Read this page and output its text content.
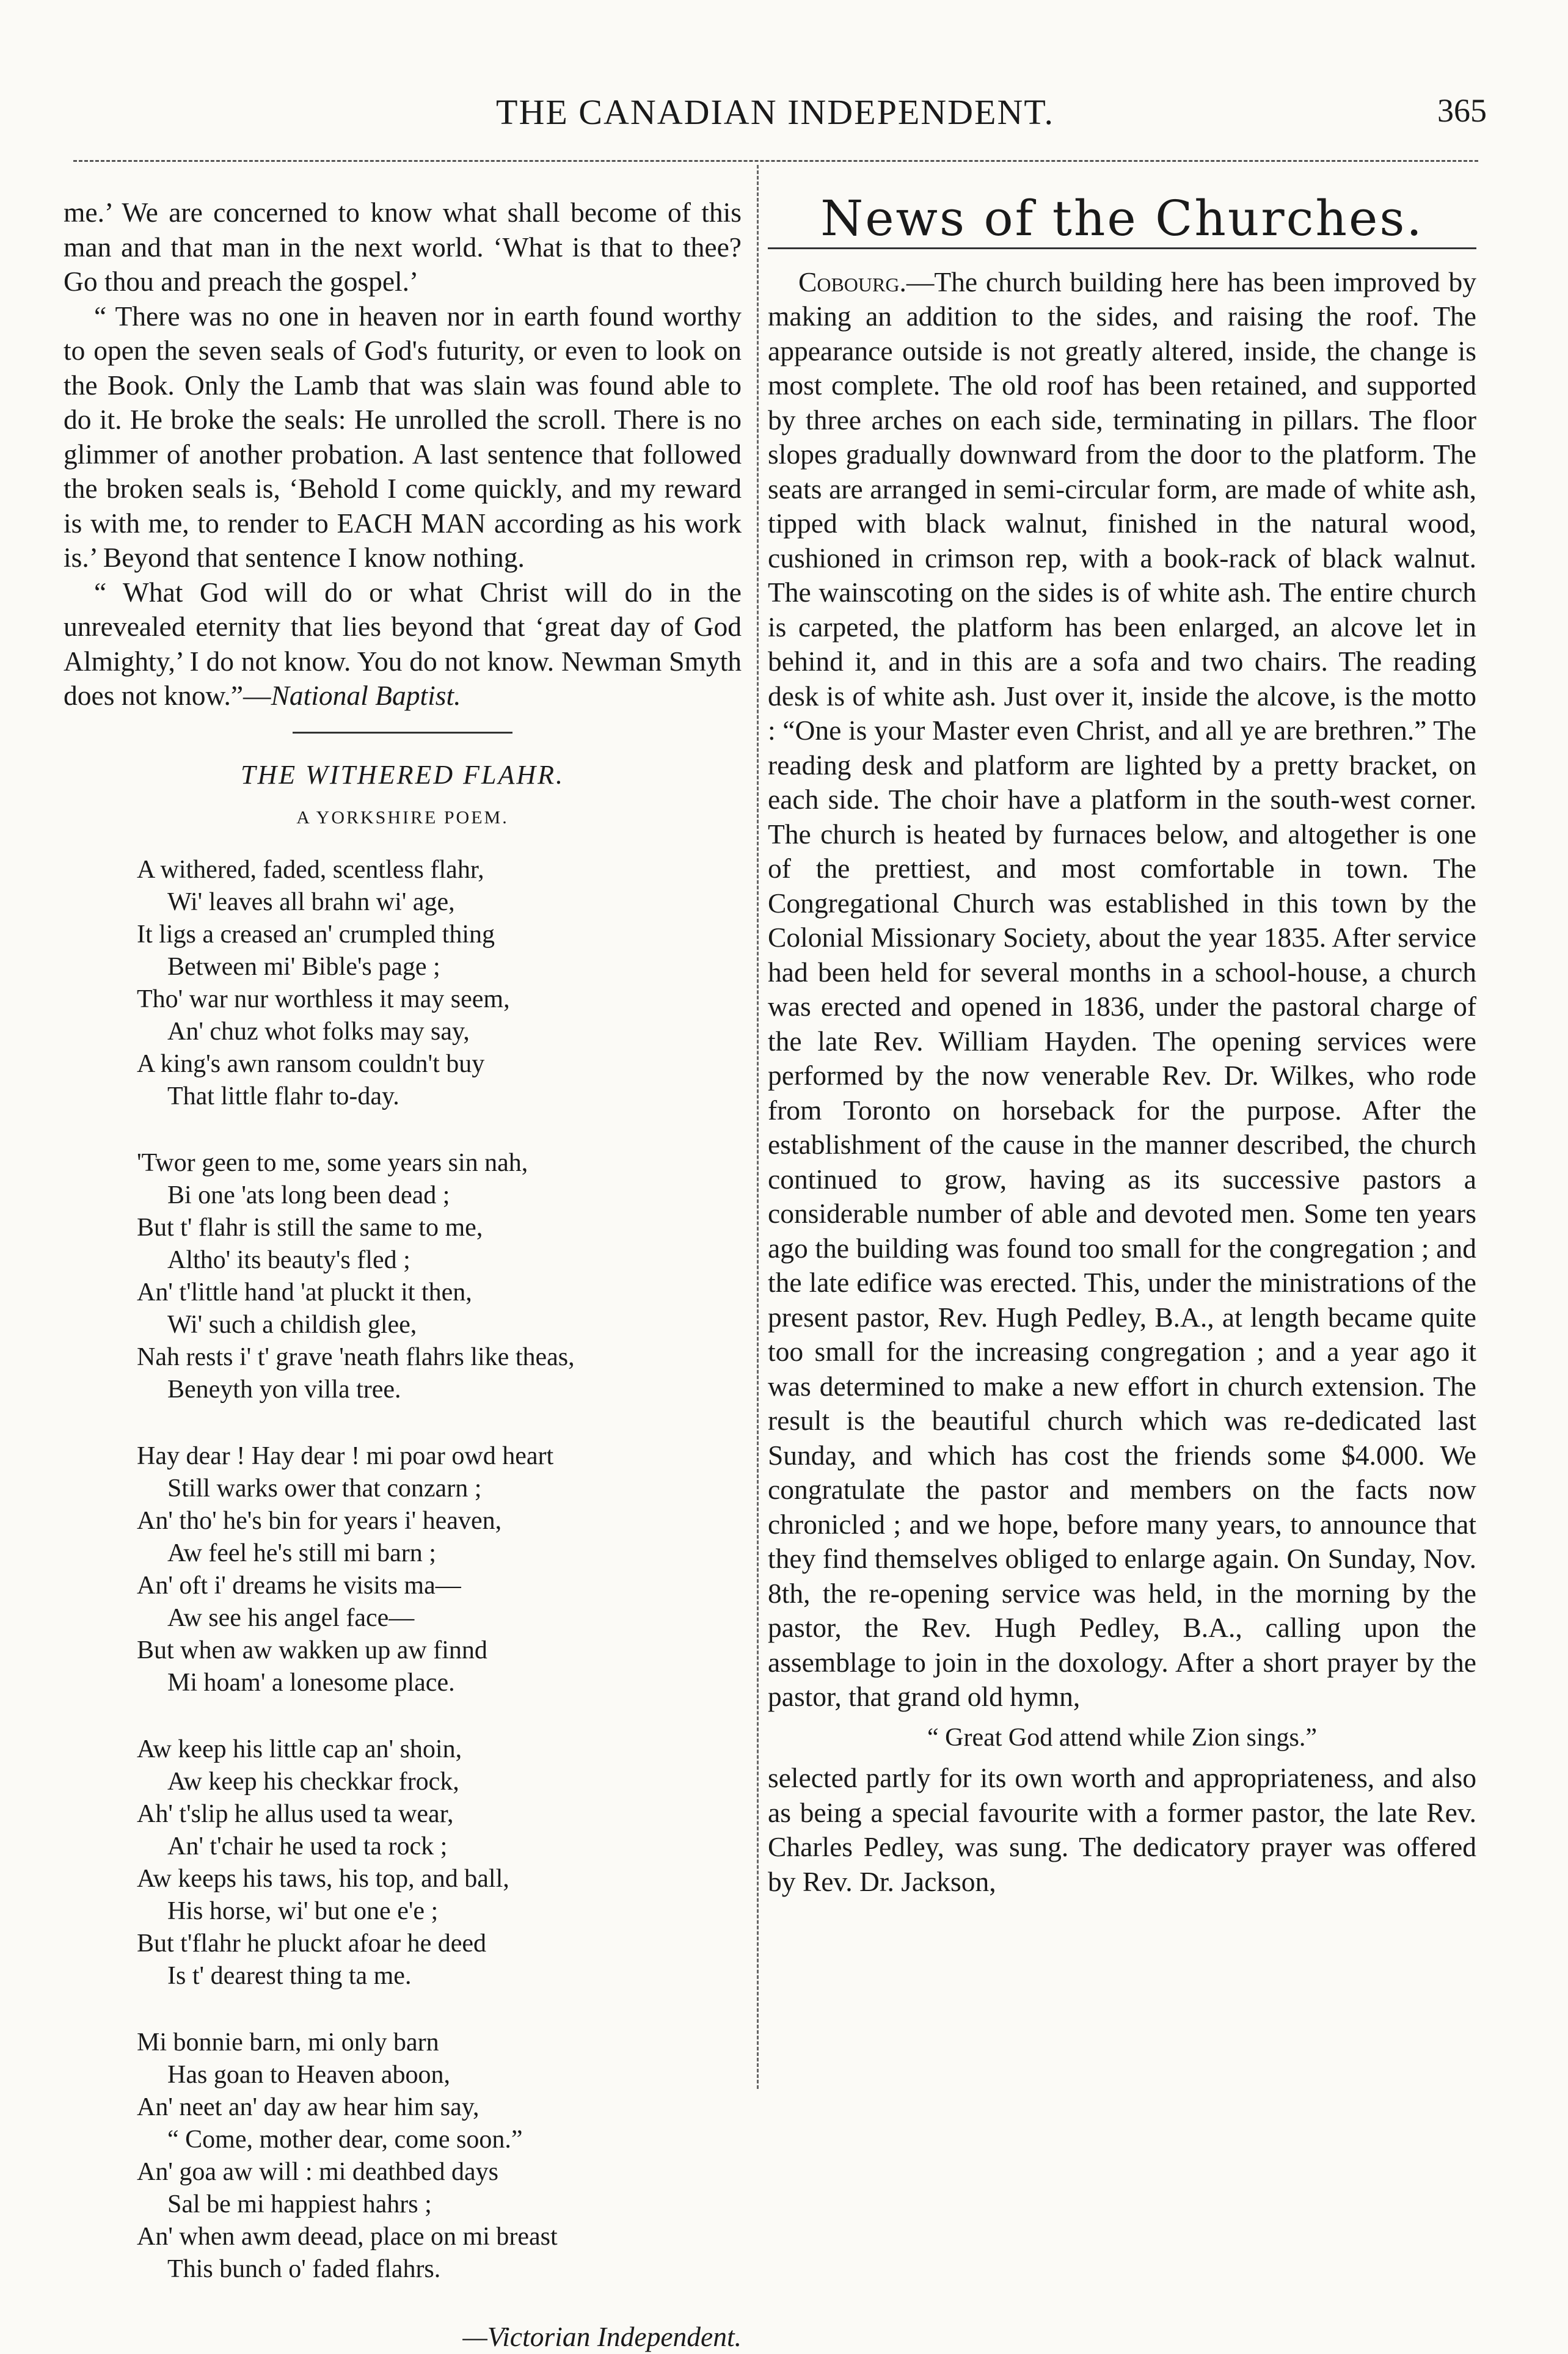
THE CANADIAN INDEPENDENT.	365

me.’ We are concerned to know what shall become of this man and that man in the next world. ‘What is that to thee? Go thou and preach the gospel.’

“ There was no one in heaven nor in earth found worthy to open the seven seals of God's futurity, or even to look on the Book. Only the Lamb that was slain was found able to do it. He broke the seals: He unrolled the scroll. There is no glimmer of another probation. A last sentence that followed the broken seals is, ‘Behold I come quickly, and my reward is with me, to render to EACH MAN according as his work is.’ Beyond that sentence I know nothing.

“ What God will do or what Christ will do in the unrevealed eternity that lies beyond that ‘great day of God Almighty,’ I do not know. You do not know. Newman Smyth does not know.”—National Baptist.

THE WITHERED FLAHR.

A YORKSHIRE POEM.

A withered, faded, scentless flahr,
Wi' leaves all brahn wi' age,
It ligs a creased an' crumpled thing
Between mi' Bible's page ;
Tho' war nur worthless it may seem,
An' chuz whot folks may say,
A king's awn ransom couldn't buy
That little flahr to-day.
'Twor geen to me, some years sin nah,
Bi one 'ats long been dead ;
But t' flahr is still the same to me,
Altho' its beauty's fled ;
An' t'little hand 'at pluckt it then,
Wi' such a childish glee,
Nah rests i' t' grave 'neath flahrs like theas,
Beneyth yon villa tree.
Hay dear ! Hay dear ! mi poar owd heart
Still warks ower that conzarn ;
An' tho' he's bin for years i' heaven,
Aw feel he's still mi barn ;
An' oft i' dreams he visits ma—
Aw see his angel face—
But when aw wakken up aw finnd
Mi hoam' a lonesome place.
Aw keep his little cap an' shoin,
Aw keep his checkkar frock,
Ah' t'slip he allus used ta wear,
An' t'chair he used ta rock ;
Aw keeps his taws, his top, and ball,
His horse, wi' but one e'e ;
But t'flahr he pluckt afoar he deed
Is t' dearest thing ta me.
Mi bonnie barn, mi only barn
Has goan to Heaven aboon,
An' neet an' day aw hear him say,
“ Come, mother dear, come soon.”
An' goa aw will : mi deathbed days
Sal be mi happiest hahrs ;
An' when awm deead, place on mi breast
This bunch o' faded flahrs.

—Victorian Independent.

News of the Churches.

Cobourg.—The church building here has been improved by making an addition to the sides, and raising the roof. The appearance outside is not greatly altered, inside, the change is most complete. The old roof has been retained, and supported by three arches on each side, terminating in pillars. The floor slopes gradually downward from the door to the platform. The seats are arranged in semi-circular form, are made of white ash, tipped with black walnut, finished in the natural wood, cushioned in crimson rep, with a book-rack of black walnut. The wainscoting on the sides is of white ash. The entire church is carpeted, the platform has been enlarged, an alcove let in behind it, and in this are a sofa and two chairs. The reading desk is of white ash. Just over it, inside the alcove, is the motto : “One is your Master even Christ, and all ye are brethren.” The reading desk and platform are lighted by a pretty bracket, on each side. The choir have a platform in the south-west corner. The church is heated by furnaces below, and altogether is one of the prettiest, and most comfortable in town. The Congregational Church was established in this town by the Colonial Missionary Society, about the year 1835. After service had been held for several months in a school-house, a church was erected and opened in 1836, under the pastoral charge of the late Rev. William Hayden. The opening services were performed by the now venerable Rev. Dr. Wilkes, who rode from Toronto on horseback for the purpose. After the establishment of the cause in the manner described, the church continued to grow, having as its successive pastors a considerable number of able and devoted men. Some ten years ago the building was found too small for the congregation ; and the late edifice was erected. This, under the ministrations of the present pastor, Rev. Hugh Pedley, B.A., at length became quite too small for the increasing congregation ; and a year ago it was determined to make a new effort in church extension. The result is the beautiful church which was re-dedicated last Sunday, and which has cost the friends some $4.000. We congratulate the pastor and members on the facts now chronicled ; and we hope, before many years, to announce that they find themselves obliged to enlarge again. On Sunday, Nov. 8th, the re-opening service was held, in the morning by the pastor, the Rev. Hugh Pedley, B.A., calling upon the assemblage to join in the doxology. After a short prayer by the pastor, that grand old hymn,

“ Great God attend while Zion sings.”

selected partly for its own worth and appropriateness, and also as being a special favourite with a former pastor, the late Rev. Charles Pedley, was sung. The dedicatory prayer was offered by Rev. Dr. Jackson,
